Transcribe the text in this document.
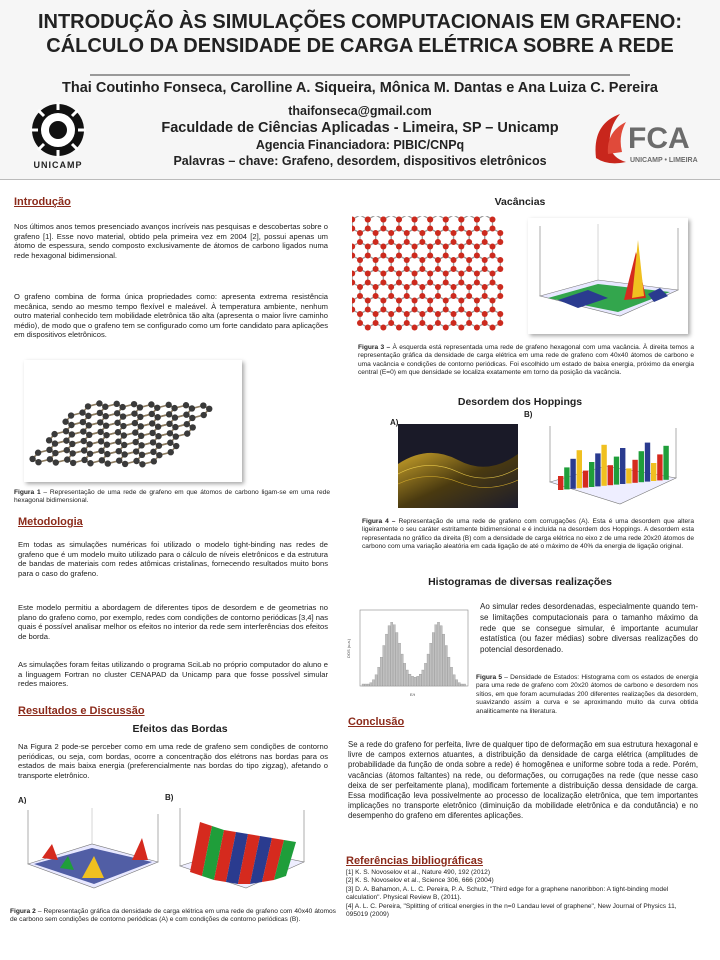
INTRODUÇÃO ÀS SIMULAÇÕES COMPUTACIONAIS EM GRAFENO:
CÁLCULO DA DENSIDADE DE CARGA ELÉTRICA SOBRE A REDE
Thai Coutinho Fonseca, Carolline A. Siqueira, Mônica M. Dantas e Ana Luiza C. Pereira
thaifonseca@gmail.com
Faculdade de Ciências Aplicadas - Limeira, SP – Unicamp
Agencia Financiadora: PIBIC/CNPq
Palavras – chave: Grafeno, desordem, dispositivos eletrônicos
UNICAMP
FCA
UNICAMP • LIMEIRA
Introdução
Nos últimos anos temos presenciado avanços incríveis nas pesquisas e descobertas sobre o grafeno [1]. Esse novo material, obtido pela primeira vez em 2004 [2], possui apenas um átomo de espessura, sendo composto exclusivamente de átomos de carbono ligados numa rede hexagonal bidimensional.
O grafeno combina de forma única propriedades como: apresenta extrema resistência mecânica, sendo ao mesmo tempo flexível e maleável. À temperatura ambiente, nenhum outro material conhecido tem mobilidade eletrônica tão alta (apresenta o maior livre caminho médio), de modo que o grafeno tem se configurado como um forte candidato para aplicações em dispositivos eletrônicos.
Figura 1 – Representação de uma rede de grafeno em que átomos de carbono ligam-se em uma rede hexagonal bidimensional.
Metodologia
Em todas as simulações numéricas foi utilizado o modelo tight-binding nas redes de grafeno que é um modelo muito utilizado para o cálculo de níveis eletrônicos e da estrutura de bandas de materiais com redes atômicas cristalinas, fornecendo resultados muito bons para o caso do grafeno.
Este modelo permitiu a abordagem de diferentes tipos de desordem e de geometrias no plano do grafeno como, por exemplo, redes com condições de contorno periódicas [3,4] nas quais é possível analisar melhor os efeitos no interior da rede sem interferências dos efeitos de borda.
As simulações foram feitas utilizando o programa SciLab no próprio computador do aluno e a linguagem Fortran no cluster CENAPAD da Unicamp para que fosse possível simular redes maiores.
Resultados e Discussão
Efeitos das Bordas
Na Figura 2 pode-se perceber como em uma rede de grafeno sem condições de contorno periódicas, ou seja, com bordas, ocorre a concentração dos elétrons nas bordas para os estados de mais baixa energia (preferencialmente nas bordas do tipo zigzag), afetando o transporte eletrônico.
A)	B)
Figura 2 – Representação gráfica da densidade de carga elétrica em uma rede de grafeno com 40x40 átomos de carbono sem condições de contorno periódicas (A) e com condições de contorno periódicas (B).
Vacâncias
Figura 3 – À esquerda está representada uma rede de grafeno hexagonal com uma vacância. À direita temos a representação gráfica da densidade de carga elétrica em uma rede de grafeno com 40x40 átomos de carbono e uma vacância e condições de contorno periódicas. Foi escolhido um estado de baixa energia, próximo da energia central (E=0) em que densidade se localiza exatamente em torno da posição da vacância.
Desordem dos Hoppings
A)
B)
Figura 4 – Representação de uma rede de grafeno com corrugações (A). Esta é uma desordem que altera ligeiramente o seu caráter estritamente bidimensional e é incluída na desordem dos Hoppings. A desordem esta representada no gráfico da direita (B) com a densidade de carga elétrica no eixo z de uma rede 20x20 átomos de carbono com uma variação aleatória em cada ligação de até o máximo de 40% da energia de ligação original.
Histogramas de diversas realizações
DOS (u.a.)
E/t
Ao simular redes desordenadas, especialmente quando tem-se limitações computacionais para o tamanho máximo da rede que se consegue simular, é importante acumular estatística (ou fazer médias) sobre diversas realizações do potencial desordenado.
Figura 5 – Densidade de Estados: Histograma com os estados de energia para uma rede de grafeno com 20x20 átomos de carbono e desordem nos sítios, em que foram acumuladas 200 diferentes realizações da desordem, suavizando assim a curva e se aproximando muito da curva obtida analiticamente na literatura.
Conclusão
Se a rede do grafeno for perfeita, livre de qualquer tipo de deformação em sua estrutura hexagonal e livre de campos externos atuantes, a distribuição da densidade de carga elétrica (amplitudes de probabilidade da função de onda sobre a rede) é homogênea e uniforme sobre toda a rede. Porém, vacâncias (átomos faltantes) na rede, ou deformações, ou corrugações na rede (que nesse caso deixa de ser perfeitamente plana), modificam fortemente a distribuição dessa densidade de carga. Essa modificação leva possivelmente ao processo de localização eletrônica, que tem importantes implicações no transporte eletrônico (diminuição da mobilidade eletrônica e da condutância) e no desempenho do grafeno em diferentes aplicações.
Referências bibliográficas
[1] K. S. Novoselov et al., Nature 490, 192 (2012)
[2] K. S. Novoselov et al., Science 306, 666 (2004)
[3] D. A. Bahamon, A. L. C. Pereira, P. A. Schulz, "Third edge for a graphene nanoribbon: A tight-binding model calculation". Physical Review B, (2011).
[4] A. L. C. Pereira, "Splitting of critical energies in the n=0 Landau level of graphene", New Journal of Physics 11, 095019 (2009)
